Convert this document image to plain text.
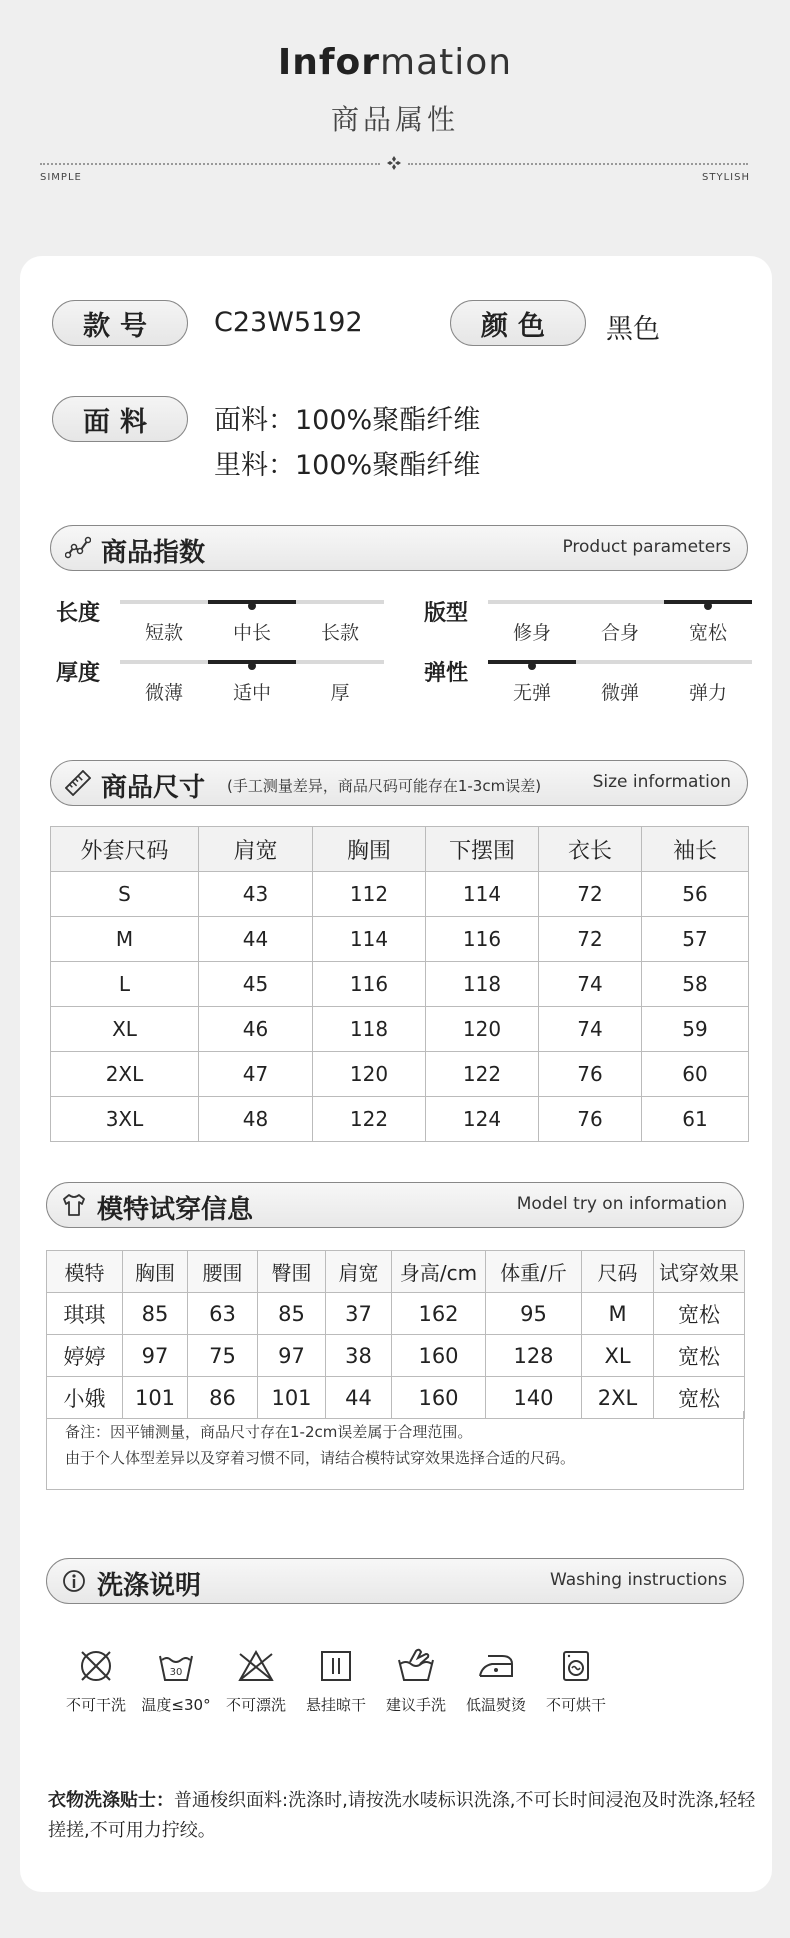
Information
商品属性
SIMPLE	STYLISH
款号	C23W5192	颜色	黑色
面料	面料：100%聚酯纤维
里料：100%聚酯纤维
商品指数	Product parameters
长度
短款	中长	长款
版型
修身	合身	宽松
厚度
微薄	适中	厚
弹性
无弹	微弹	弹力
商品尺寸 (手工测量差异，商品尺码可能存在1-3cm误差)	Size information
外套尺码	肩宽	胸围	下摆围	衣长	袖长
S	43	112	114	72	56
M	44	114	116	72	57
L	45	116	118	74	58
XL	46	118	120	74	59
2XL	47	120	122	76	60
3XL	48	122	124	76	61
模特试穿信息	Model try on information
模特	胸围	腰围	臀围	肩宽	身高/cm	体重/斤	尺码	试穿效果
琪琪	85	63	85	37	162	95	M	宽松
婷婷	97	75	97	38	160	128	XL	宽松
小娥	101	86	101	44	160	140	2XL	宽松
备注：因平铺测量，商品尺寸存在1-2cm误差属于合理范围。
由于个人体型差异以及穿着习惯不同，请结合模特试穿效果选择合适的尺码。
洗涤说明	Washing instructions
不可干洗
30
温度≤30°	不可漂洗	悬挂晾干	建议手洗	低温熨烫	不可烘干
衣物洗涤贴士：普通梭织面料:洗涤时,请按洗水唛标识洗涤,不可长时间浸泡及时洗涤,轻轻搓搓,不可用力拧绞。
